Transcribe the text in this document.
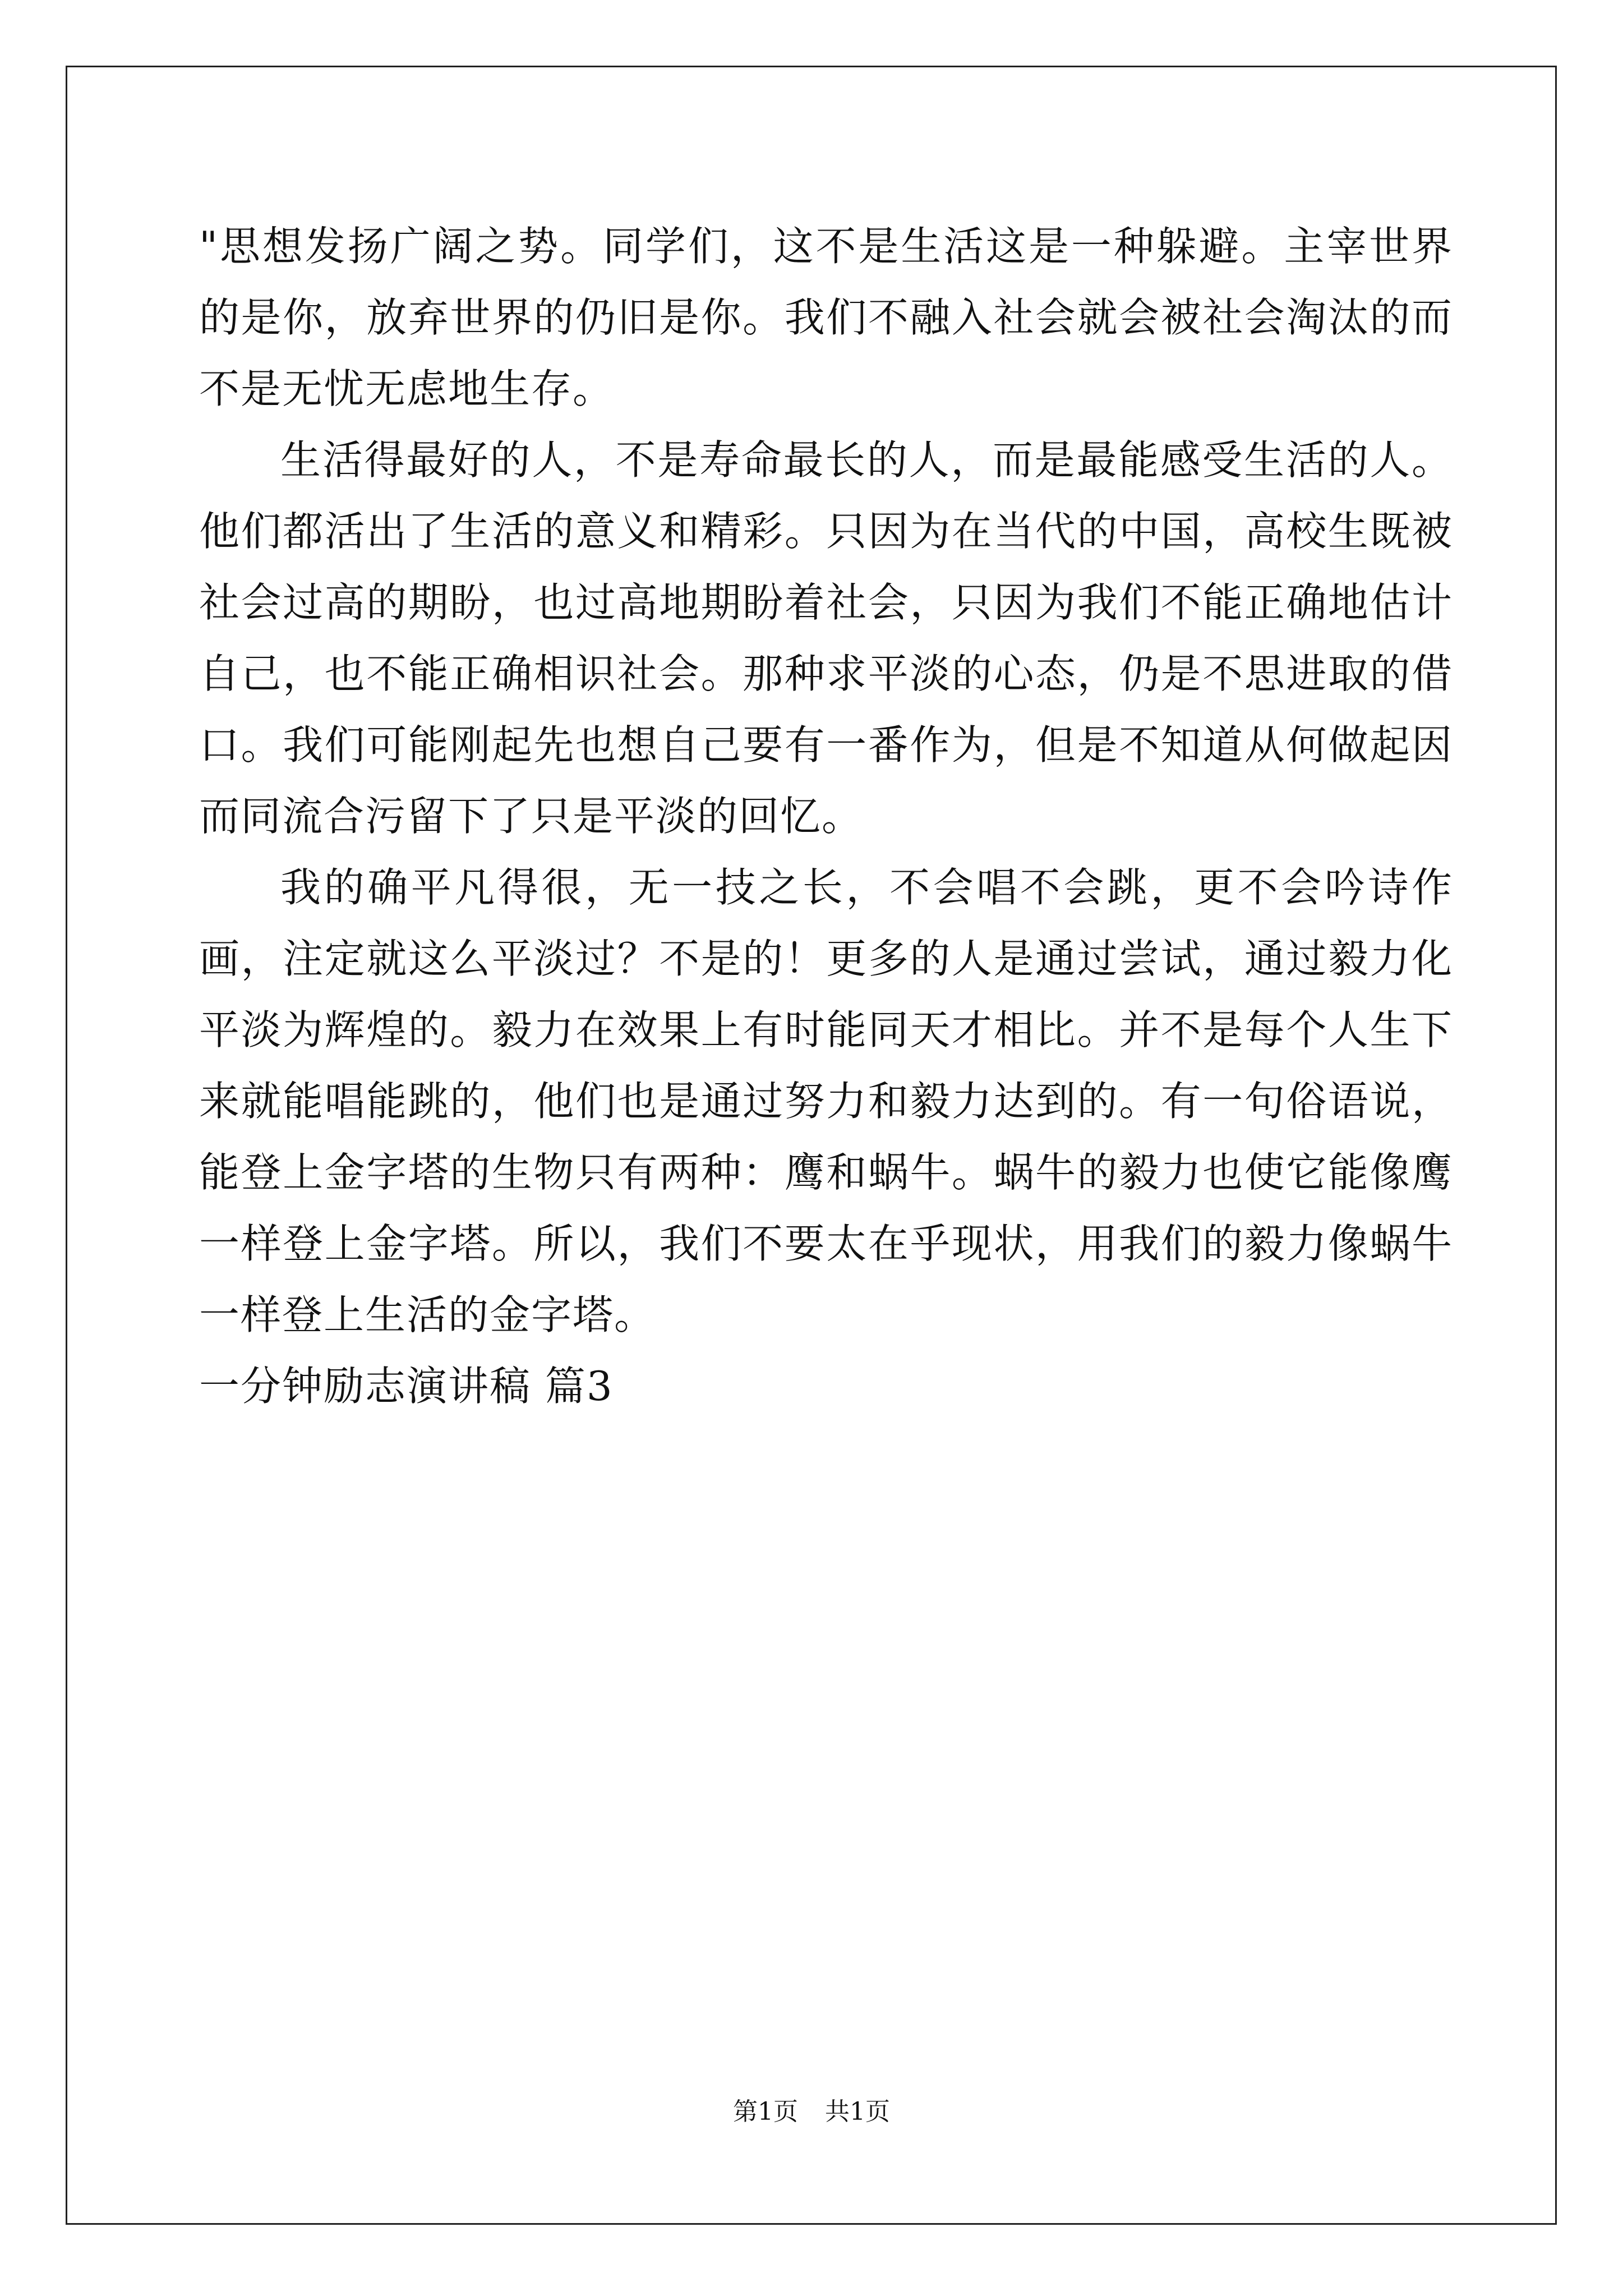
"思想发扬广阔之势。同学们，这不是生活这是一种躲避。主宰世界的是你，放弃世界的仍旧是你。我们不融入社会就会被社会淘汰的而不是无忧无虑地生存。

生活得最好的人，不是寿命最长的人，而是最能感受生活的人。他们都活出了生活的意义和精彩。只因为在当代的中国，高校生既被社会过高的期盼，也过高地期盼着社会，只因为我们不能正确地估计自己，也不能正确相识社会。那种求平淡的心态，仍是不思进取的借口。我们可能刚起先也想自己要有一番作为，但是不知道从何做起因而同流合污留下了只是平淡的回忆。

我的确平凡得很，无一技之长，不会唱不会跳，更不会吟诗作画，注定就这么平淡过？不是的！更多的人是通过尝试，通过毅力化平淡为辉煌的。毅力在效果上有时能同天才相比。并不是每个人生下来就能唱能跳的，他们也是通过努力和毅力达到的。有一句俗语说，能登上金字塔的生物只有两种：鹰和蜗牛。蜗牛的毅力也使它能像鹰一样登上金字塔。所以，我们不要太在乎现状，用我们的毅力像蜗牛一样登上生活的金字塔。

一分钟励志演讲稿 篇3

第1页 共1页
